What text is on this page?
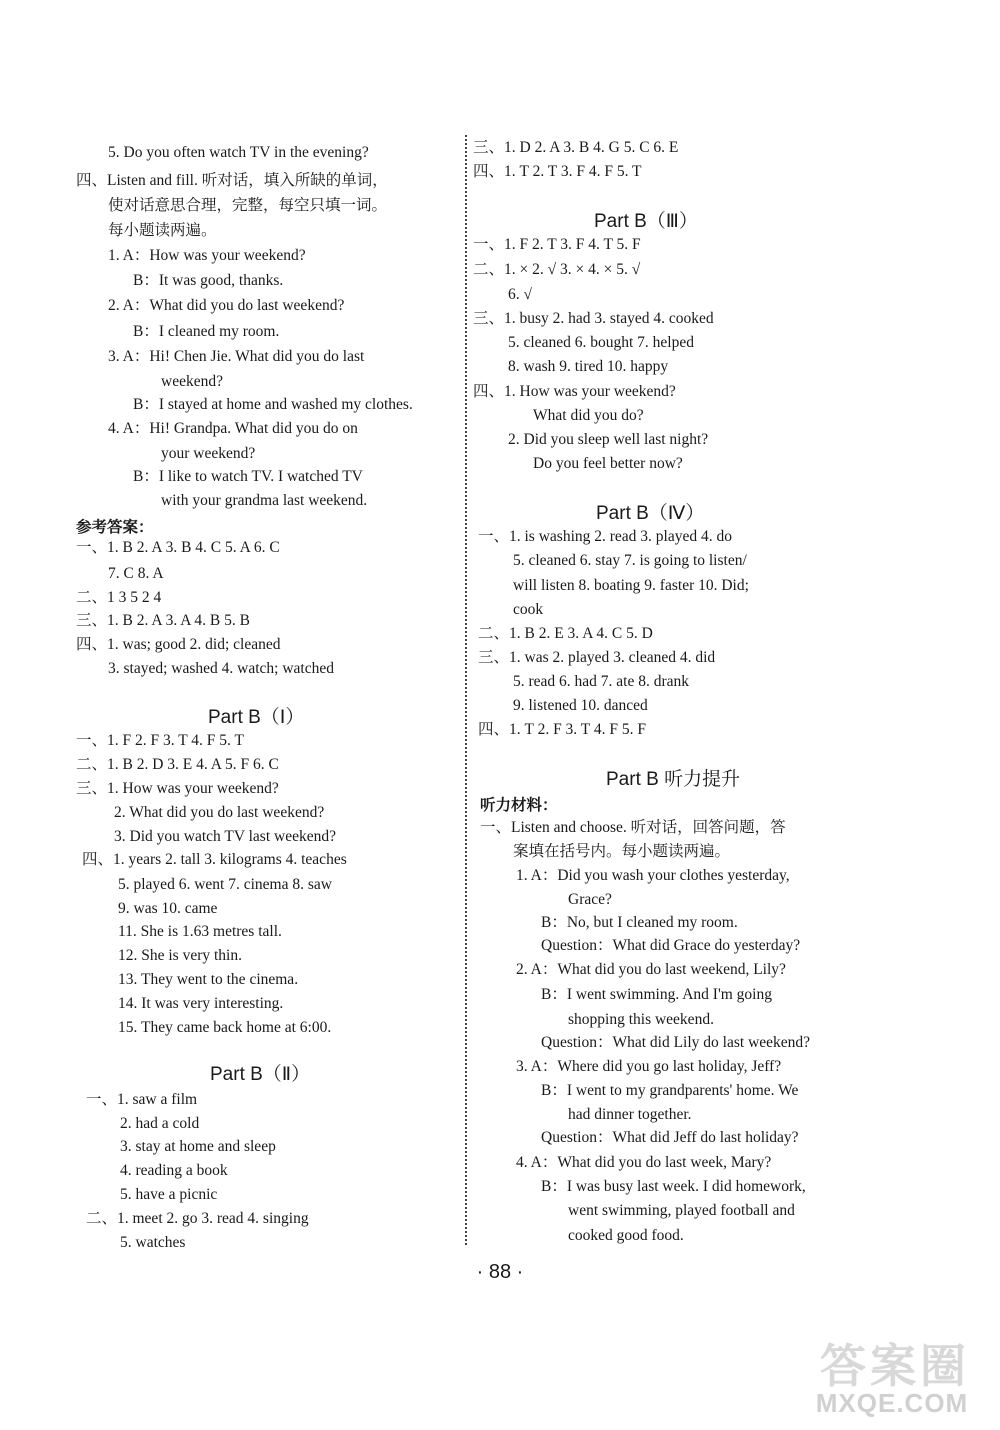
5. Do you often watch TV in the evening?
四、Listen and fill. 听对话，填入所缺的单词，
使对话意思合理，完整，每空只填一词。
每小题读两遍。
1. A：How was your weekend?
B：It was good, thanks.
2. A：What did you do last weekend?
B：I cleaned my room.
3. A：Hi! Chen Jie. What did you do last
weekend?
B：I stayed at home and washed my clothes.
4. A：Hi! Grandpa. What did you do on
your weekend?
B：I like to watch TV. I watched TV
with your grandma last weekend.
参考答案：
一、1. B 2. A 3. B 4. C 5. A 6. C
7. C 8. A
二、1 3 5 2 4
三、1. B 2. A 3. A 4. B 5. B
四、1. was; good 2. did; cleaned
3. stayed; washed 4. watch; watched
一、1. F 2. F 3. T 4. F 5. T
二、1. B 2. D 3. E 4. A 5. F 6. C
三、1. How was your weekend?
2. What did you do last weekend?
3. Did you watch TV last weekend?
四、1. years 2. tall 3. kilograms 4. teaches
5. played 6. went 7. cinema 8. saw
9. was 10. came
11. She is 1.63 metres tall.
12. She is very thin.
13. They went to the cinema.
14. It was very interesting.
15. They came back home at 6:00.
一、1. saw a film
2. had a cold
3. stay at home and sleep
4. reading a book
5. have a picnic
二、1. meet 2. go 3. read 4. singing
5. watches
三、1. D 2. A 3. B 4. G 5. C 6. E
四、1. T 2. T 3. F 4. F 5. T
一、1. F 2. T 3. F 4. T 5. F
二、1. × 2. √ 3. × 4. × 5. √
6. √
三、1. busy 2. had 3. stayed 4. cooked
5. cleaned 6. bought 7. helped
8. wash 9. tired 10. happy
四、1. How was your weekend?
What did you do?
2. Did you sleep well last night?
Do you feel better now?
一、1. is washing 2. read 3. played 4. do
5. cleaned 6. stay 7. is going to listen/
will listen 8. boating 9. faster 10. Did;
cook
二、1. B 2. E 3. A 4. C 5. D
三、1. was 2. played 3. cleaned 4. did
5. read 6. had 7. ate 8. drank
9. listened 10. danced
四、1. T 2. F 3. T 4. F 5. F
听力材料：
一、Listen and choose. 听对话，回答问题，答
案填在括号内。每小题读两遍。
1. A：Did you wash your clothes yesterday,
Grace?
B：No, but I cleaned my room.
Question：What did Grace do yesterday?
2. A：What did you do last weekend, Lily?
B：I went swimming. And I'm going
shopping this weekend.
Question：What did Lily do last weekend?
3. A：Where did you go last holiday, Jeff?
B：I went to my grandparents' home. We
had dinner together.
Question：What did Jeff do last holiday?
4. A：What did you do last week, Mary?
B：I was busy last week. I did homework,
went swimming, played football and
cooked good food.
Part B（Ⅰ）
Part B（Ⅱ）
Part B（Ⅲ）
Part B（Ⅳ）
Part B 听力提升
· 88 ·
答案圈
MXQE.COM
